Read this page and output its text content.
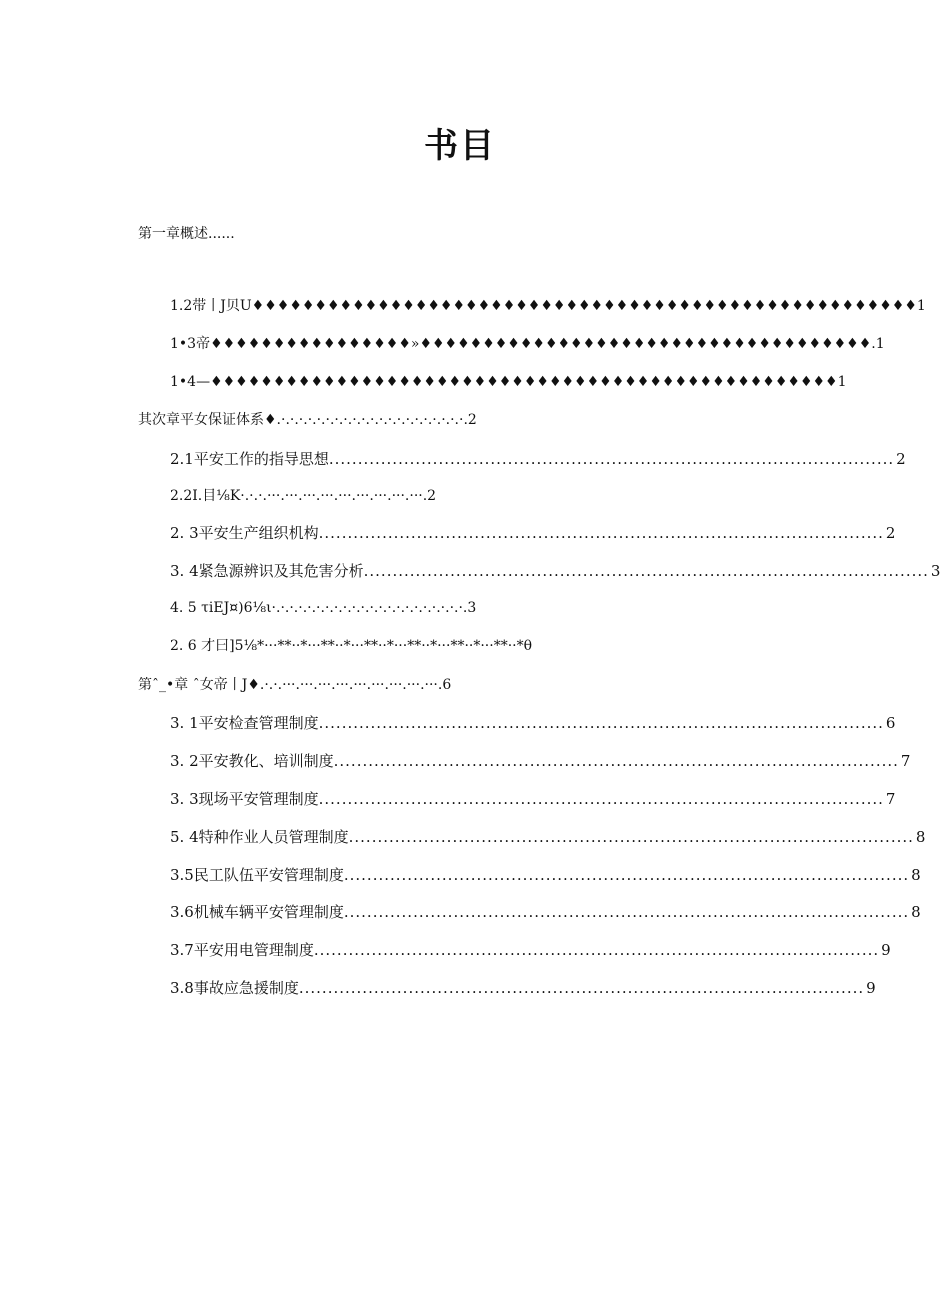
书目
第一章概述......
1.2带丨J贝U♦♦♦♦♦♦♦♦♦♦♦♦♦♦♦♦♦♦♦♦♦♦♦♦♦♦♦♦♦♦♦♦♦♦♦♦♦♦♦♦♦♦♦♦♦♦♦♦♦♦♦♦♦1
1•3帝♦♦♦♦♦♦♦♦♦♦♦♦♦♦♦♦»♦♦♦♦♦♦♦♦♦♦♦♦♦♦♦♦♦♦♦♦♦♦♦♦♦♦♦♦♦♦♦♦♦♦♦♦.1
1•4—♦♦♦♦♦♦♦♦♦♦♦♦♦♦♦♦♦♦♦♦♦♦♦♦♦♦♦♦♦♦♦♦♦♦♦♦♦♦♦♦♦♦♦♦♦♦♦♦♦♦1
其次章平女保证体系♦.·.·.·.·.·.·.·.·.·.·.·.·.·.·.·.·.·.·.·.·.·.2
2.1平安工作的指导思想 .................................................................................................. 2
2.2I.目⅛K·.·.·.···.···.···.···.···.···.···.···.···.2
2. 3平安生产组织机构 .................................................................................................. 2
3. 4紧急源辨识及其危害分析 .................................................................................................. 3
4. 5 τiEJ¤)6⅛ι·.·.·.·.·.·.·.·.·.·.·.·.·.·.·.·.·.·.·.·.·.·.3
2. 6 才曰]5⅛*···**··*···**··*···**··*···**··*···**··*···**··*θ
第ˆ_•章 ˆ女帝丨J♦.·.·.···.···.···.···.···.···.···.···.···.6
3. 1平安检查管理制度 .................................................................................................. 6
3. 2平安教化、培训制度 .................................................................................................. 7
3. 3现场平安管理制度 .................................................................................................. 7
5. 4特种作业人员管理制度 .................................................................................................. 8
3.5民工队伍平安管理制度 .................................................................................................. 8
3.6机械车辆平安管理制度 .................................................................................................. 8
3.7平安用电管理制度 .................................................................................................. 9
3.8事故应急援制度 .................................................................................................. 9
